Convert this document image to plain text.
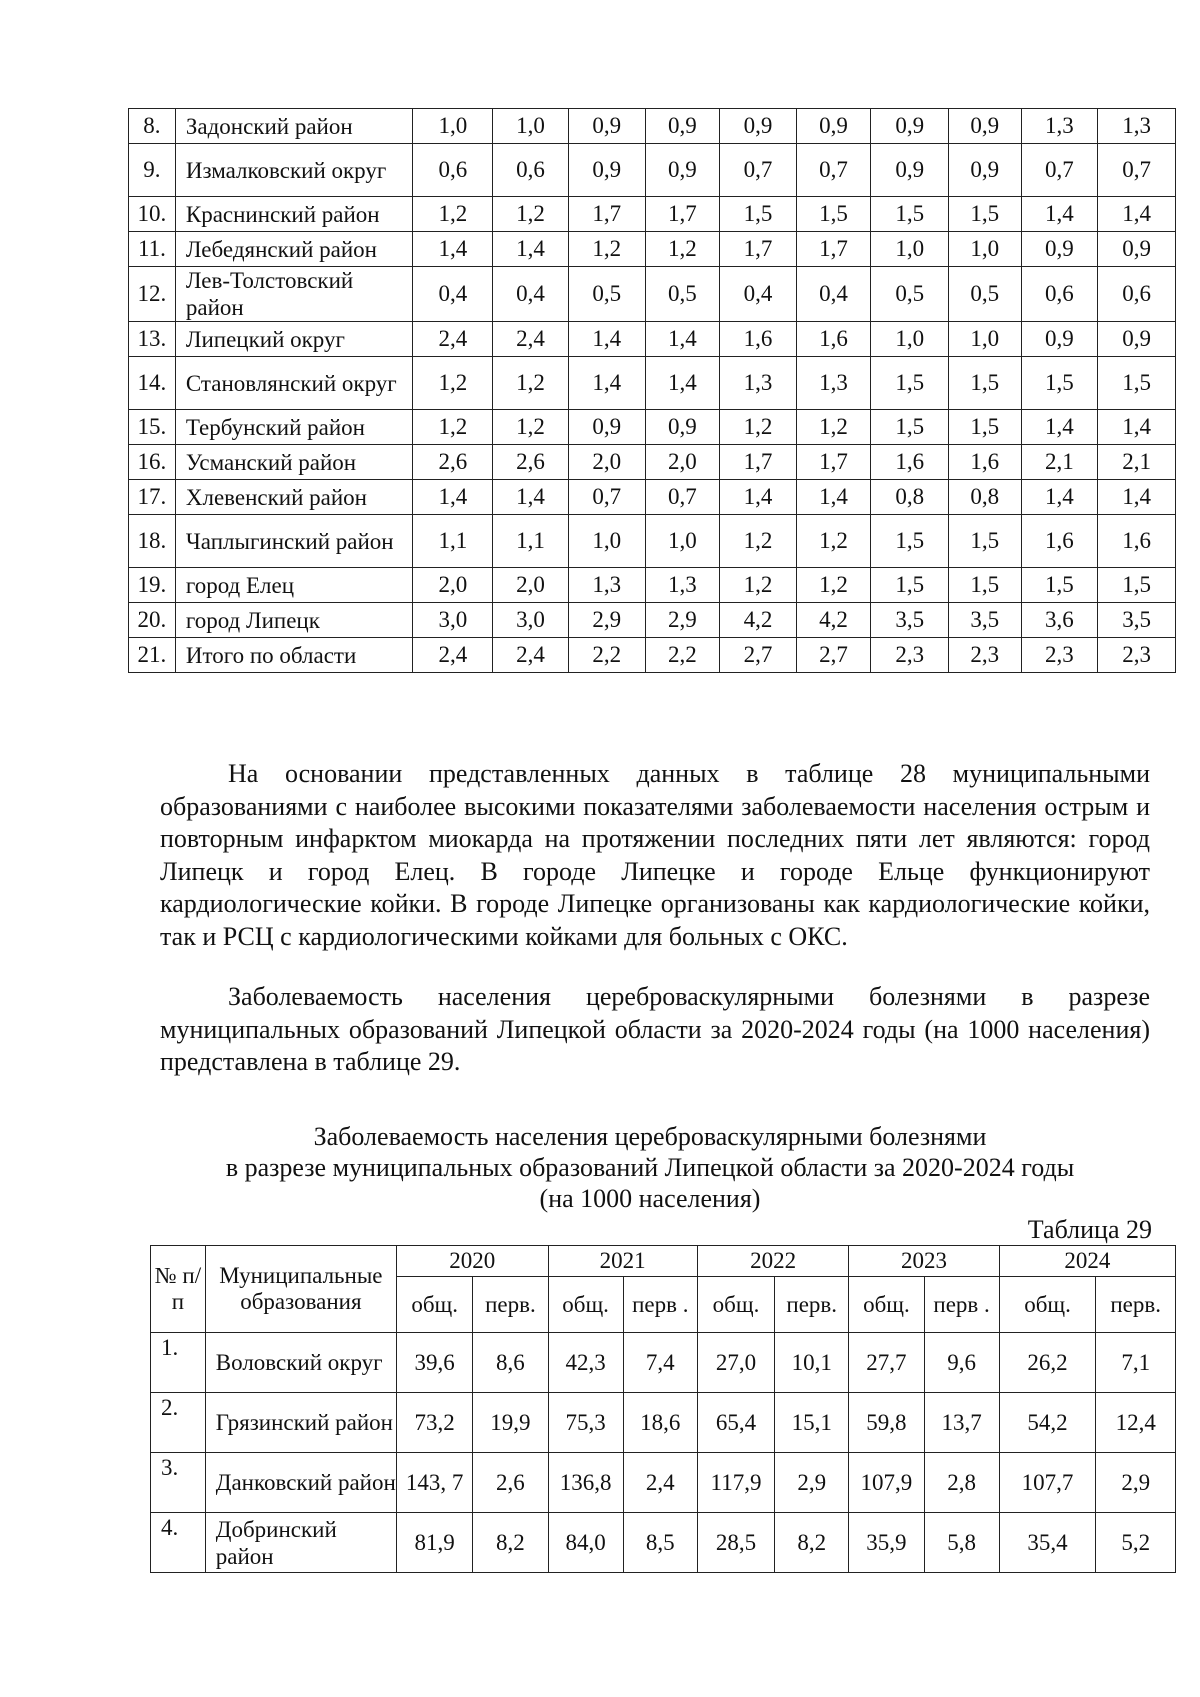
8.	Задонский район	1,0	1,0	0,9	0,9	0,9	0,9	0,9	0,9	1,3	1,3
9.	Измалковский округ	0,6	0,6	0,9	0,9	0,7	0,7	0,9	0,9	0,7	0,7
10.	Краснинский район	1,2	1,2	1,7	1,7	1,5	1,5	1,5	1,5	1,4	1,4
11.	Лебедянский район	1,4	1,4	1,2	1,2	1,7	1,7	1,0	1,0	0,9	0,9
12.	Лев-Толстовский район	0,4	0,4	0,5	0,5	0,4	0,4	0,5	0,5	0,6	0,6
13.	Липецкий округ	2,4	2,4	1,4	1,4	1,6	1,6	1,0	1,0	0,9	0,9
14.	Становлянский округ	1,2	1,2	1,4	1,4	1,3	1,3	1,5	1,5	1,5	1,5
15.	Тербунский район	1,2	1,2	0,9	0,9	1,2	1,2	1,5	1,5	1,4	1,4
16.	Усманский район	2,6	2,6	2,0	2,0	1,7	1,7	1,6	1,6	2,1	2,1
17.	Хлевенский район	1,4	1,4	0,7	0,7	1,4	1,4	0,8	0,8	1,4	1,4
18.	Чаплыгинский район	1,1	1,1	1,0	1,0	1,2	1,2	1,5	1,5	1,6	1,6
19.	город Елец	2,0	2,0	1,3	1,3	1,2	1,2	1,5	1,5	1,5	1,5
20.	город Липецк	3,0	3,0	2,9	2,9	4,2	4,2	3,5	3,5	3,6	3,5
21.	Итого по области	2,4	2,4	2,2	2,2	2,7	2,7	2,3	2,3	2,3	2,3

На основании представленных данных в таблице 28 муниципальными образованиями с наиболее высокими показателями заболеваемости населения острым и повторным инфарктом миокарда на протяжении последних пяти лет являются: город Липецк и город Елец. В городе Липецке и городе Ельце функционируют кардиологические койки. В городе Липецке организованы как кардиологические койки, так и РСЦ с кардиологическими койками для больных с ОКС.

Заболеваемость населения цереброваскулярными болезнями в разрезе муниципальных образований Липецкой области за 2020-2024 годы (на 1000 населения) представлена в таблице 29.

Заболеваемость населения цереброваскулярными болезнями
в разрезе муниципальных образований Липецкой области за 2020-2024 годы
(на 1000 населения)
Таблица 29
№ п/п	Муниципальные образования	2020		2021		2022		2023		2024	
		общ.	перв.	общ.	перв .	общ.	перв.	общ.	перв .	общ.	перв.
1.	Воловский округ	39,6	8,6	42,3	7,4	27,0	10,1	27,7	9,6	26,2	7,1
2.	Грязинский район	73,2	19,9	75,3	18,6	65,4	15,1	59,8	13,7	54,2	12,4
3.	Данковский район	143, 7	2,6	136,8	2,4	117,9	2,9	107,9	2,8	107,7	2,9
4.	Добринский район	81,9	8,2	84,0	8,5	28,5	8,2	35,9	5,8	35,4	5,2
